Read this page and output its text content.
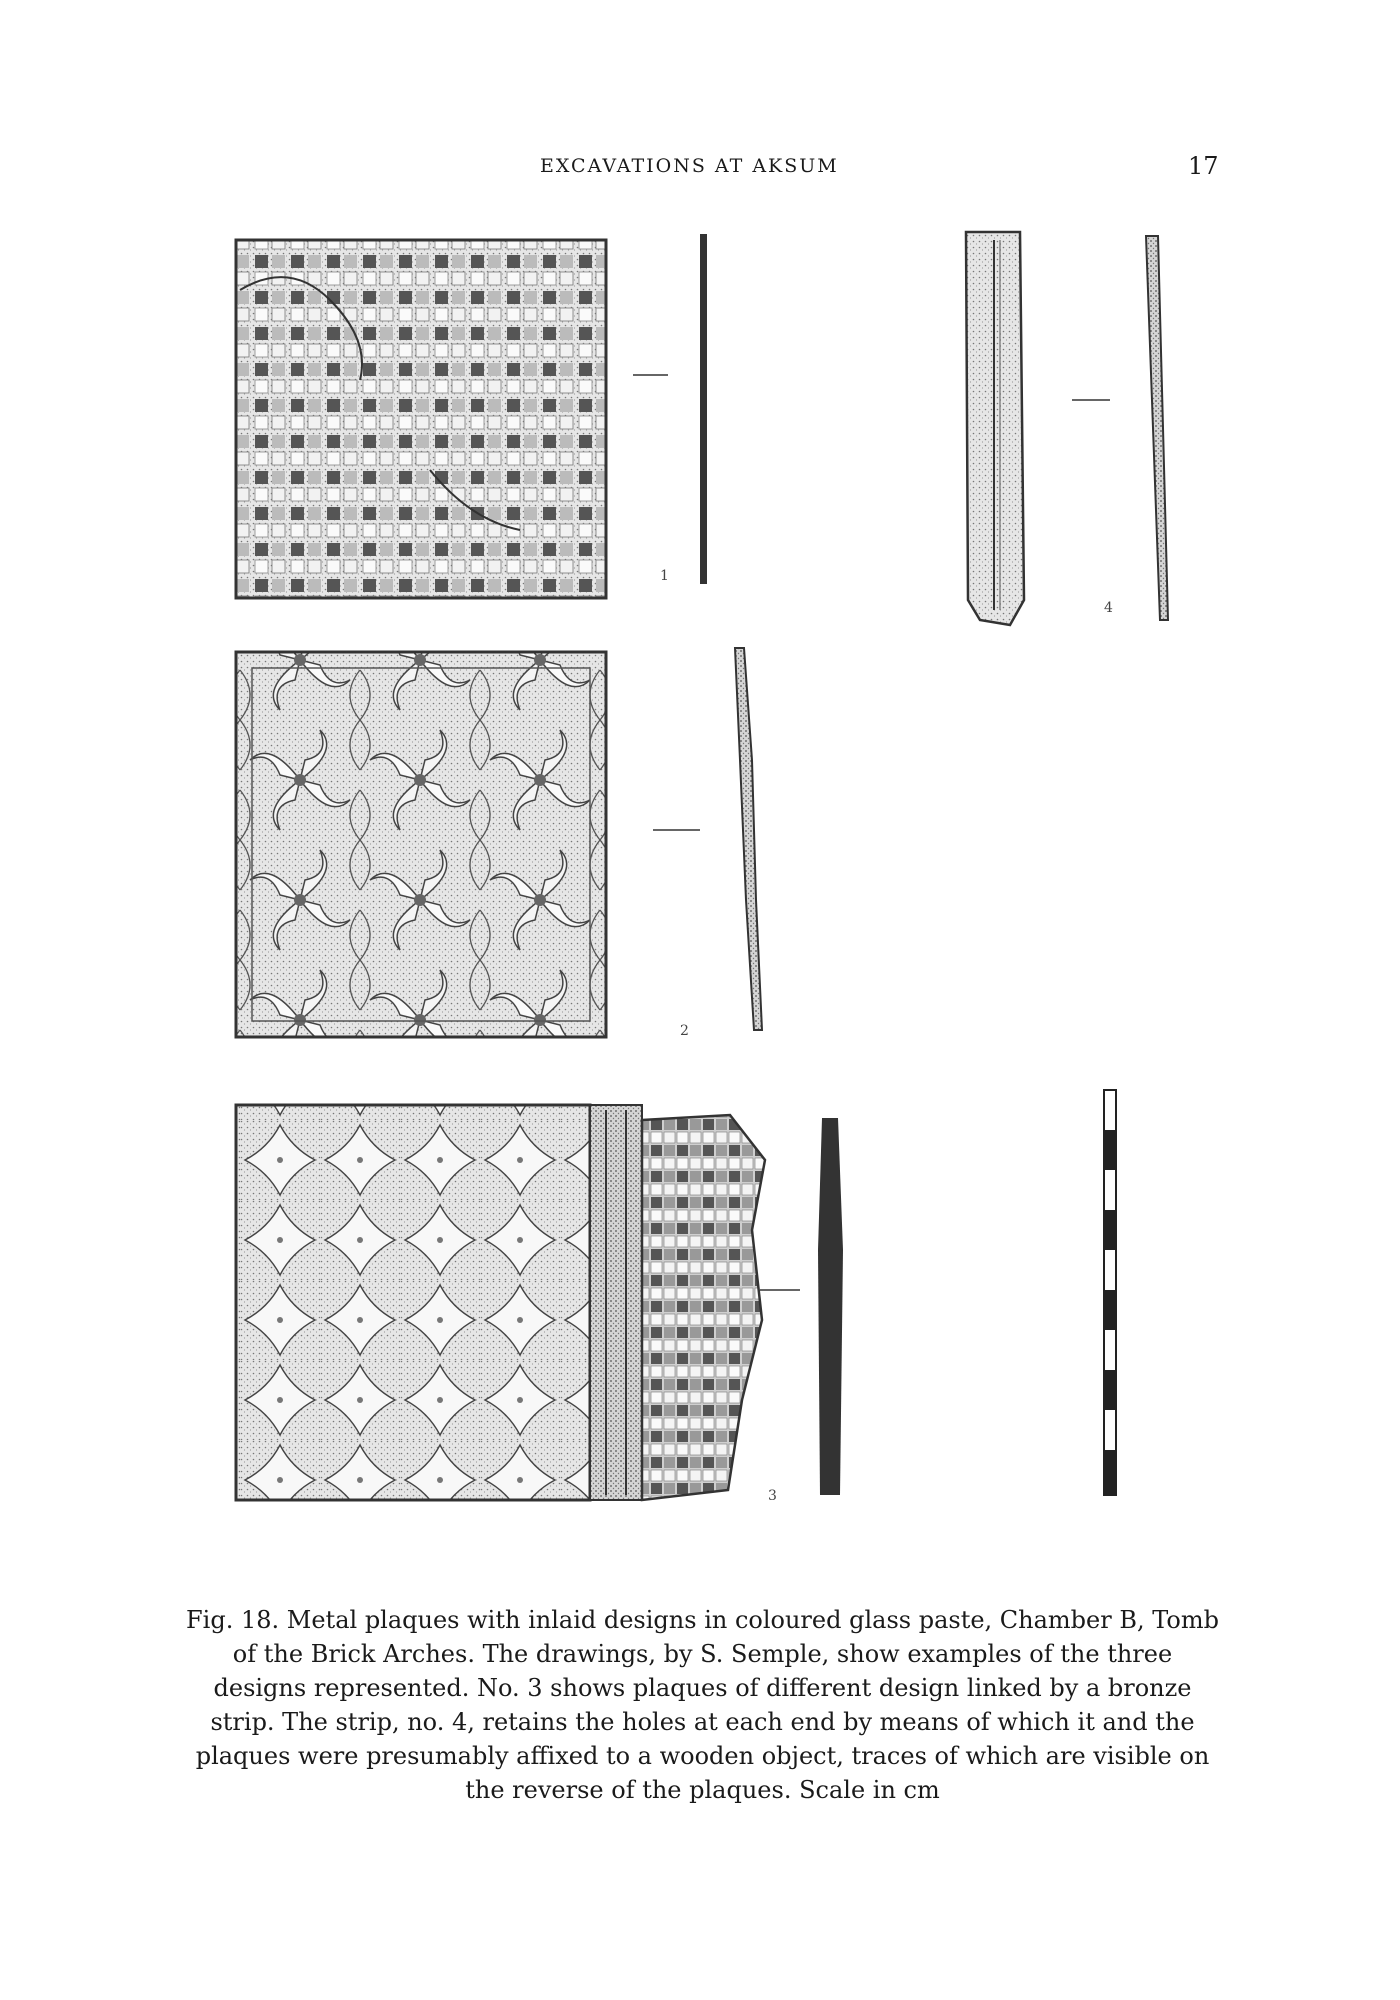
EXCAVATIONS AT AKSUM	17
1
2
3
4
Fig. 18. Metal plaques with inlaid designs in coloured glass paste, Chamber B, Tomb of the Brick Arches. The drawings, by S. Semple, show examples of the three designs represented. No. 3 shows plaques of different design linked by a bronze strip. The strip, no. 4, retains the holes at each end by means of which it and the plaques were presumably affixed to a wooden object, traces of which are visible on the reverse of the plaques. Scale in cm
